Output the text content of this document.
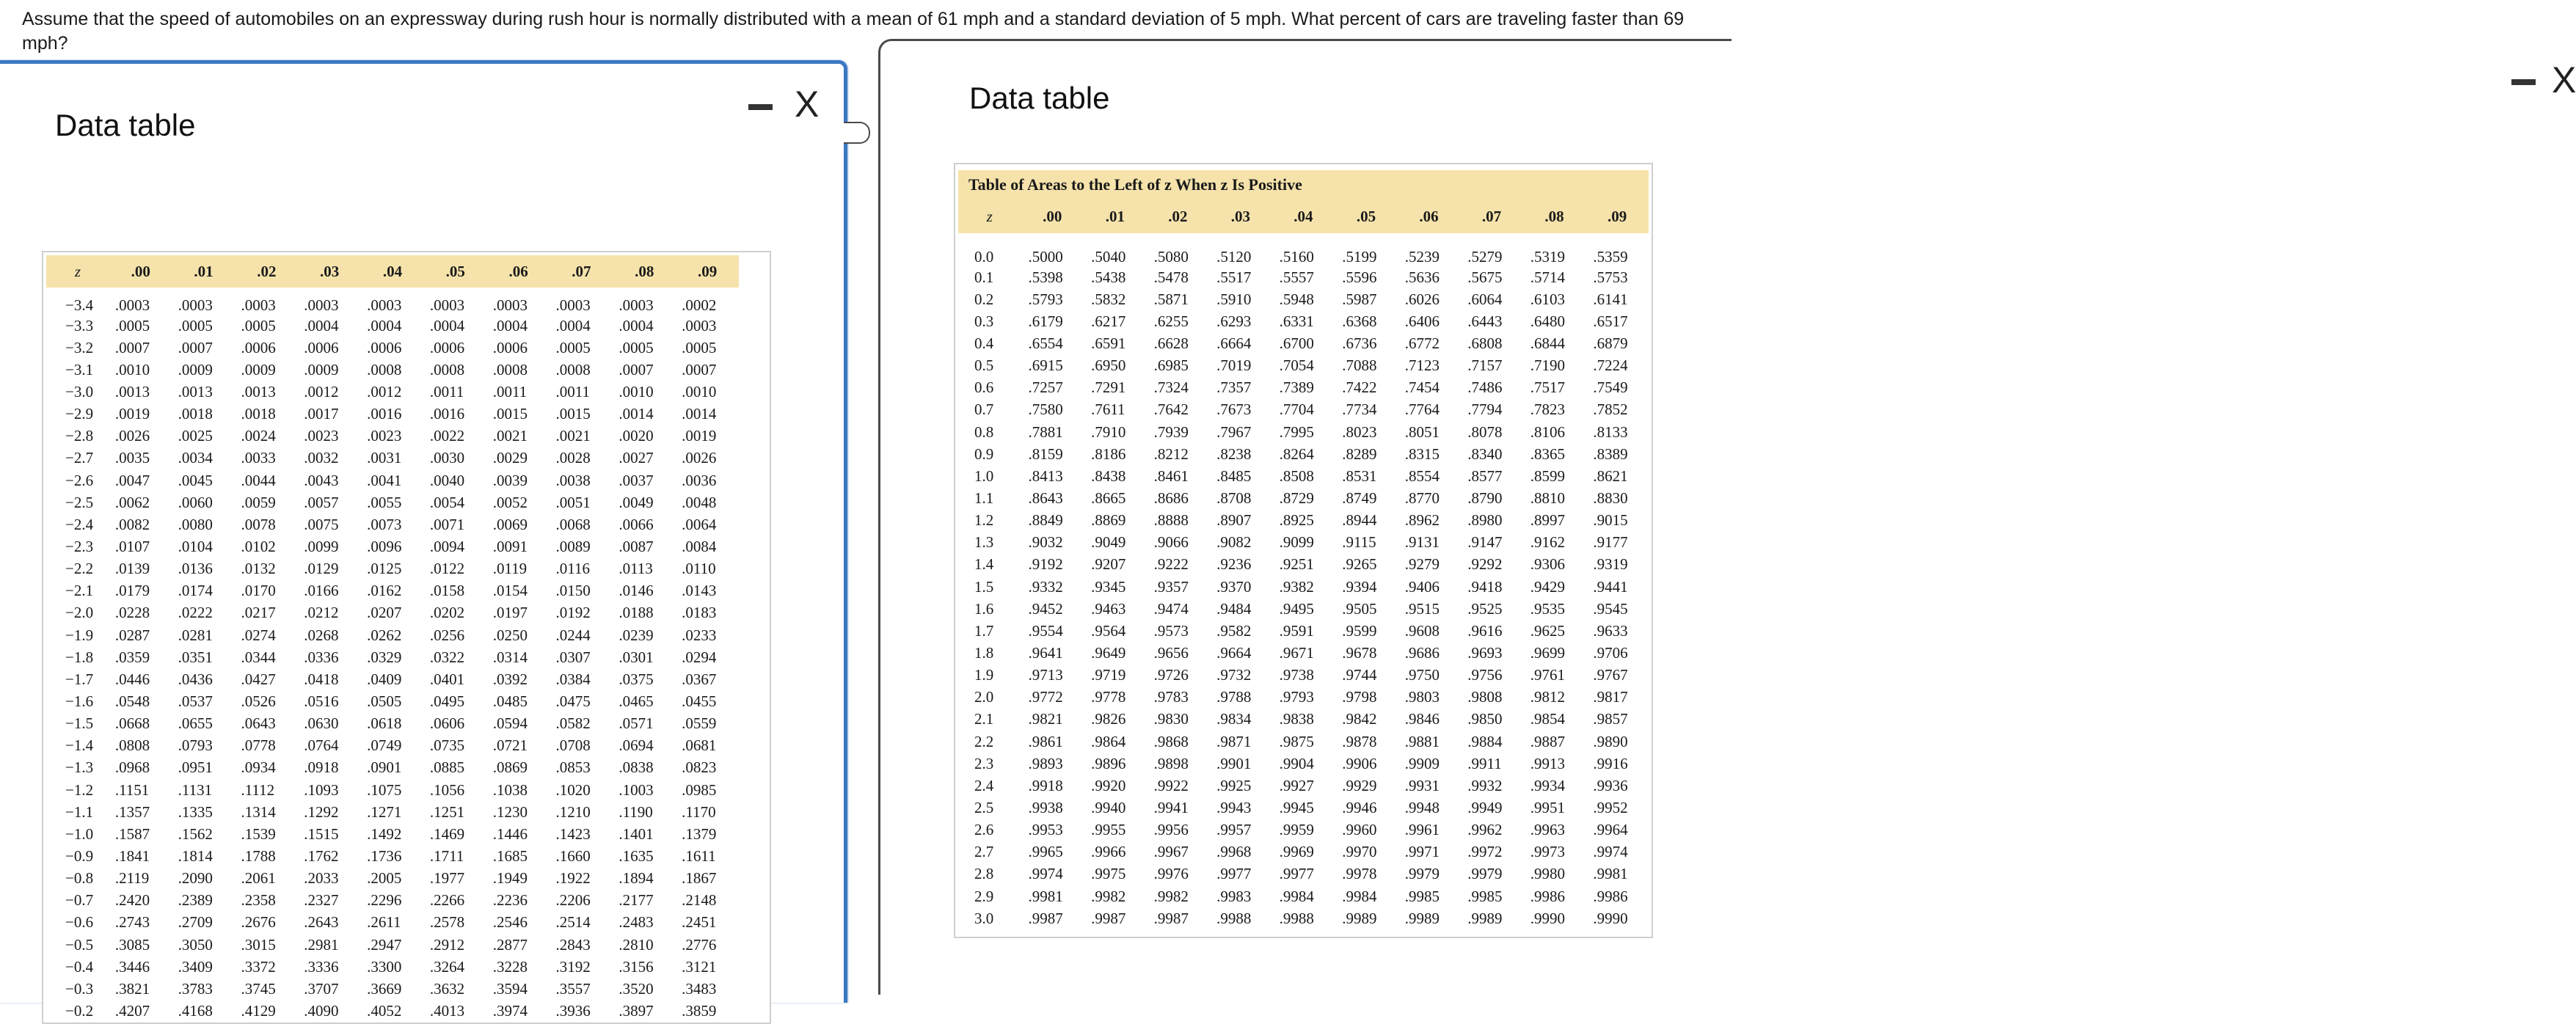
Assume that the speed of automobiles on an expressway during rush hour is normally distributed with a mean of 61 mph and a standard deviation of 5 mph. What percent of cars are traveling faster than 69 mph?
Data table
X
z	.00	.01	.02	.03	.04	.05	.06	.07	.08	.09
−3.4	.0003	.0003	.0003	.0003	.0003	.0003	.0003	.0003	.0003	.0002
−3.3	.0005	.0005	.0005	.0004	.0004	.0004	.0004	.0004	.0004	.0003
−3.2	.0007	.0007	.0006	.0006	.0006	.0006	.0006	.0005	.0005	.0005
−3.1	.0010	.0009	.0009	.0009	.0008	.0008	.0008	.0008	.0007	.0007
−3.0	.0013	.0013	.0013	.0012	.0012	.0011	.0011	.0011	.0010	.0010
−2.9	.0019	.0018	.0018	.0017	.0016	.0016	.0015	.0015	.0014	.0014
−2.8	.0026	.0025	.0024	.0023	.0023	.0022	.0021	.0021	.0020	.0019
−2.7	.0035	.0034	.0033	.0032	.0031	.0030	.0029	.0028	.0027	.0026
−2.6	.0047	.0045	.0044	.0043	.0041	.0040	.0039	.0038	.0037	.0036
−2.5	.0062	.0060	.0059	.0057	.0055	.0054	.0052	.0051	.0049	.0048
−2.4	.0082	.0080	.0078	.0075	.0073	.0071	.0069	.0068	.0066	.0064
−2.3	.0107	.0104	.0102	.0099	.0096	.0094	.0091	.0089	.0087	.0084
−2.2	.0139	.0136	.0132	.0129	.0125	.0122	.0119	.0116	.0113	.0110
−2.1	.0179	.0174	.0170	.0166	.0162	.0158	.0154	.0150	.0146	.0143
−2.0	.0228	.0222	.0217	.0212	.0207	.0202	.0197	.0192	.0188	.0183
−1.9	.0287	.0281	.0274	.0268	.0262	.0256	.0250	.0244	.0239	.0233
−1.8	.0359	.0351	.0344	.0336	.0329	.0322	.0314	.0307	.0301	.0294
−1.7	.0446	.0436	.0427	.0418	.0409	.0401	.0392	.0384	.0375	.0367
−1.6	.0548	.0537	.0526	.0516	.0505	.0495	.0485	.0475	.0465	.0455
−1.5	.0668	.0655	.0643	.0630	.0618	.0606	.0594	.0582	.0571	.0559
−1.4	.0808	.0793	.0778	.0764	.0749	.0735	.0721	.0708	.0694	.0681
−1.3	.0968	.0951	.0934	.0918	.0901	.0885	.0869	.0853	.0838	.0823
−1.2	.1151	.1131	.1112	.1093	.1075	.1056	.1038	.1020	.1003	.0985
−1.1	.1357	.1335	.1314	.1292	.1271	.1251	.1230	.1210	.1190	.1170
−1.0	.1587	.1562	.1539	.1515	.1492	.1469	.1446	.1423	.1401	.1379
−0.9	.1841	.1814	.1788	.1762	.1736	.1711	.1685	.1660	.1635	.1611
−0.8	.2119	.2090	.2061	.2033	.2005	.1977	.1949	.1922	.1894	.1867
−0.7	.2420	.2389	.2358	.2327	.2296	.2266	.2236	.2206	.2177	.2148
−0.6	.2743	.2709	.2676	.2643	.2611	.2578	.2546	.2514	.2483	.2451
−0.5	.3085	.3050	.3015	.2981	.2947	.2912	.2877	.2843	.2810	.2776
−0.4	.3446	.3409	.3372	.3336	.3300	.3264	.3228	.3192	.3156	.3121
−0.3	.3821	.3783	.3745	.3707	.3669	.3632	.3594	.3557	.3520	.3483
−0.2	.4207	.4168	.4129	.4090	.4052	.4013	.3974	.3936	.3897	.3859
Data table	X
Table of Areas to the Left of z When z Is Positive
z	.00	.01	.02	.03	.04	.05	.06	.07	.08	.09
0.0	.5000	.5040	.5080	.5120	.5160	.5199	.5239	.5279	.5319	.5359
0.1	.5398	.5438	.5478	.5517	.5557	.5596	.5636	.5675	.5714	.5753
0.2	.5793	.5832	.5871	.5910	.5948	.5987	.6026	.6064	.6103	.6141
0.3	.6179	.6217	.6255	.6293	.6331	.6368	.6406	.6443	.6480	.6517
0.4	.6554	.6591	.6628	.6664	.6700	.6736	.6772	.6808	.6844	.6879
0.5	.6915	.6950	.6985	.7019	.7054	.7088	.7123	.7157	.7190	.7224
0.6	.7257	.7291	.7324	.7357	.7389	.7422	.7454	.7486	.7517	.7549
0.7	.7580	.7611	.7642	.7673	.7704	.7734	.7764	.7794	.7823	.7852
0.8	.7881	.7910	.7939	.7967	.7995	.8023	.8051	.8078	.8106	.8133
0.9	.8159	.8186	.8212	.8238	.8264	.8289	.8315	.8340	.8365	.8389
1.0	.8413	.8438	.8461	.8485	.8508	.8531	.8554	.8577	.8599	.8621
1.1	.8643	.8665	.8686	.8708	.8729	.8749	.8770	.8790	.8810	.8830
1.2	.8849	.8869	.8888	.8907	.8925	.8944	.8962	.8980	.8997	.9015
1.3	.9032	.9049	.9066	.9082	.9099	.9115	.9131	.9147	.9162	.9177
1.4	.9192	.9207	.9222	.9236	.9251	.9265	.9279	.9292	.9306	.9319
1.5	.9332	.9345	.9357	.9370	.9382	.9394	.9406	.9418	.9429	.9441
1.6	.9452	.9463	.9474	.9484	.9495	.9505	.9515	.9525	.9535	.9545
1.7	.9554	.9564	.9573	.9582	.9591	.9599	.9608	.9616	.9625	.9633
1.8	.9641	.9649	.9656	.9664	.9671	.9678	.9686	.9693	.9699	.9706
1.9	.9713	.9719	.9726	.9732	.9738	.9744	.9750	.9756	.9761	.9767
2.0	.9772	.9778	.9783	.9788	.9793	.9798	.9803	.9808	.9812	.9817
2.1	.9821	.9826	.9830	.9834	.9838	.9842	.9846	.9850	.9854	.9857
2.2	.9861	.9864	.9868	.9871	.9875	.9878	.9881	.9884	.9887	.9890
2.3	.9893	.9896	.9898	.9901	.9904	.9906	.9909	.9911	.9913	.9916
2.4	.9918	.9920	.9922	.9925	.9927	.9929	.9931	.9932	.9934	.9936
2.5	.9938	.9940	.9941	.9943	.9945	.9946	.9948	.9949	.9951	.9952
2.6	.9953	.9955	.9956	.9957	.9959	.9960	.9961	.9962	.9963	.9964
2.7	.9965	.9966	.9967	.9968	.9969	.9970	.9971	.9972	.9973	.9974
2.8	.9974	.9975	.9976	.9977	.9977	.9978	.9979	.9979	.9980	.9981
2.9	.9981	.9982	.9982	.9983	.9984	.9984	.9985	.9985	.9986	.9986
3.0	.9987	.9987	.9987	.9988	.9988	.9989	.9989	.9989	.9990	.9990
